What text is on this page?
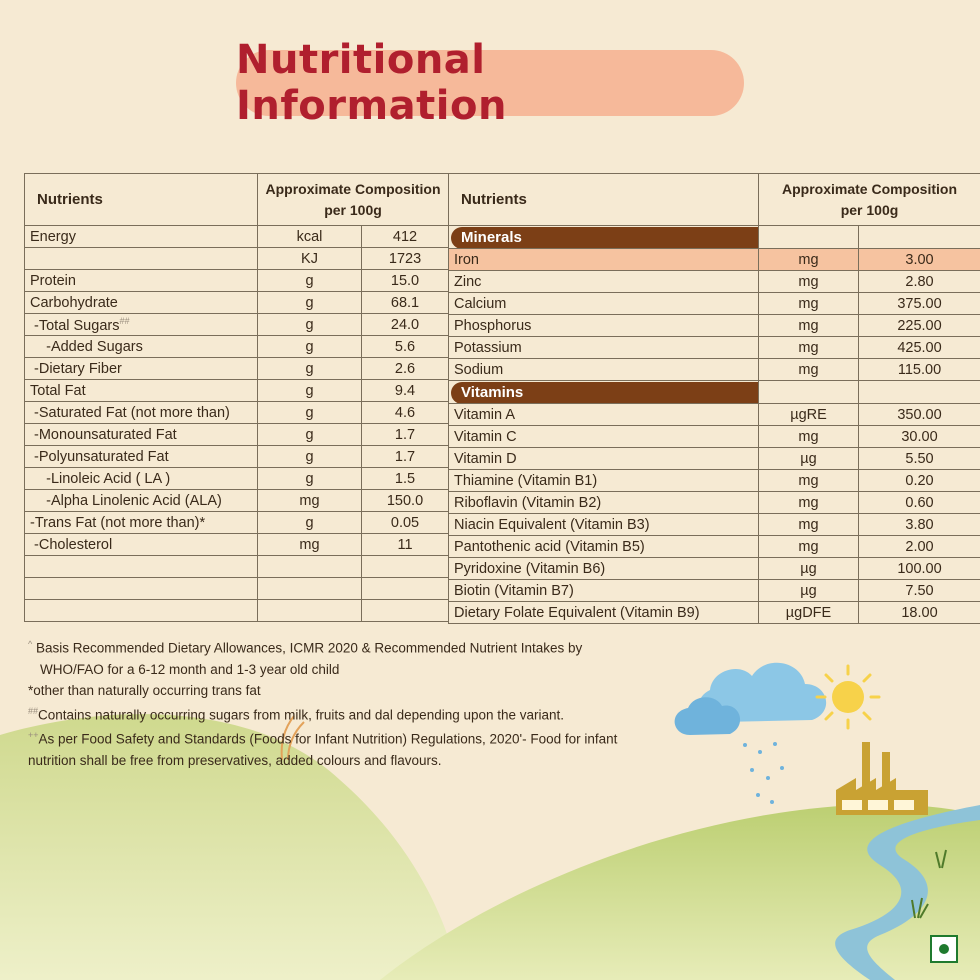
Nutritional Information
Nutrients	Approximate Composition
per 100g	

Energy	kcal	412
	KJ	1723
Protein	g	15.0
Carbohydrate	g	68.1
-Total Sugars##	g	24.0
-Added Sugars	g	5.6
-Dietary Fiber	g	2.6
Total Fat	g	9.4
-Saturated Fat (not more than)	g	4.6
-Monounsaturated Fat	g	1.7
-Polyunsaturated Fat	g	1.7
-Linoleic Acid ( LA )	g	1.5
-Alpha Linolenic Acid (ALA)	mg	150.0
-Trans Fat (not more than)*	g	0.05
-Cholesterol	mg	11

Nutrients	Approximate Composition
per 100g	

Minerals		

Iron	mg	3.00
Zinc	mg	2.80
Calcium	mg	375.00
Phosphorus	mg	225.00
Potassium	mg	425.00
Sodium	mg	115.00

Vitamins		

Vitamin A	µgRE	350.00
Vitamin C	mg	30.00
Vitamin D	µg	5.50
Thiamine (Vitamin B1)	mg	0.20
Riboflavin (Vitamin B2)	mg	0.60
Niacin Equivalent (Vitamin B3)	mg	3.80
Pantothenic acid (Vitamin B5)	mg	2.00
Pyridoxine (Vitamin B6)	µg	100.00
Biotin (Vitamin B7)	µg	7.50
Dietary Folate Equivalent (Vitamin B9)	µgDFE	18.00
^ Basis Recommended Dietary Allowances, ICMR 2020 & Recommended Nutrient Intakes by
WHO/FAO for a 6-12 month and 1-3 year old child
*other than naturally occurring trans fat
##Contains naturally occurring sugars from milk, fruits and dal depending upon the variant.
++As per Food Safety and Standards (Foods for Infant Nutrition) Regulations, 2020'- Food for infant
nutrition shall be free from preservatives, added colours and flavours.
